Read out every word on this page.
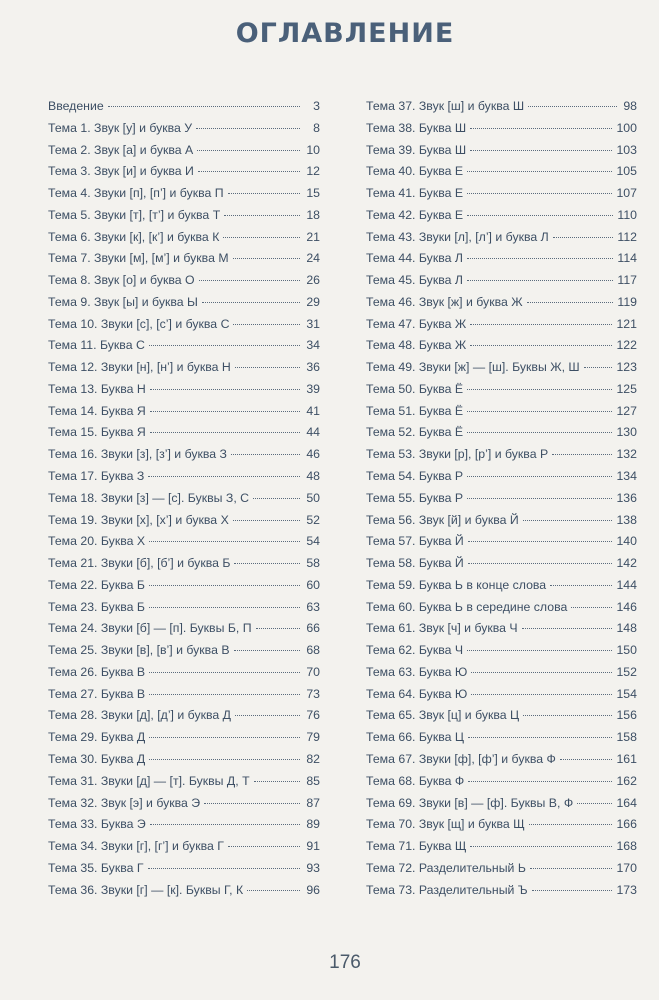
ОГЛАВЛЕНИЕ
Введение	3
Тема 1. Звук [у] и буква У	8
Тема 2. Звук [а] и буква А	10
Тема 3. Звук [и] и буква И	12
Тема 4. Звуки [п], [п’] и буква П	15
Тема 5. Звуки [т], [т’] и буква Т	18
Тема 6. Звуки [к], [к’] и буква К	21
Тема 7. Звуки [м], [м’] и буква М	24
Тема 8. Звук [о] и буква О	26
Тема 9. Звук [ы] и буква Ы	29
Тема 10. Звуки [с], [с’] и буква С	31
Тема 11. Буква С	34
Тема 12. Звуки [н], [н’] и буква Н	36
Тема 13. Буква Н	39
Тема 14. Буква Я	41
Тема 15. Буква Я	44
Тема 16. Звуки [з], [з’] и буква З	46
Тема 17. Буква З	48
Тема 18. Звуки [з] — [с]. Буквы З, С	50
Тема 19. Звуки [х], [х’] и буква Х	52
Тема 20. Буква Х	54
Тема 21. Звуки [б], [б’] и буква Б	58
Тема 22. Буква Б	60
Тема 23. Буква Б	63
Тема 24. Звуки [б] — [п]. Буквы Б, П	66
Тема 25. Звуки [в], [в’] и буква В	68
Тема 26. Буква В	70
Тема 27. Буква В	73
Тема 28. Звуки [д], [д’] и буква Д	76
Тема 29. Буква Д	79
Тема 30. Буква Д	82
Тема 31. Звуки [д] — [т]. Буквы Д, Т	85
Тема 32. Звук [э] и буква Э	87
Тема 33. Буква Э	89
Тема 34. Звуки [г], [г’] и буква Г	91
Тема 35. Буква Г	93
Тема 36. Звуки [г] — [к]. Буквы Г, К	96
Тема 37. Звук [ш] и буква Ш	98
Тема 38. Буква Ш	100
Тема 39. Буква Ш	103
Тема 40. Буква Е	105
Тема 41. Буква Е	107
Тема 42. Буква Е	110
Тема 43. Звуки [л], [л’] и буква Л	112
Тема 44. Буква Л	114
Тема 45. Буква Л	117
Тема 46. Звук [ж] и буква Ж	119
Тема 47. Буква Ж	121
Тема 48. Буква Ж	122
Тема 49. Звуки [ж] — [ш]. Буквы Ж, Ш	123
Тема 50. Буква Ё	125
Тема 51. Буква Ё	127
Тема 52. Буква Ё	130
Тема 53. Звуки [р], [р’] и буква Р	132
Тема 54. Буква Р	134
Тема 55. Буква Р	136
Тема 56. Звук [й] и буква Й	138
Тема 57. Буква Й	140
Тема 58. Буква Й	142
Тема 59. Буква Ь в конце слова	144
Тема 60. Буква Ь в середине слова	146
Тема 61. Звук [ч] и буква Ч	148
Тема 62. Буква Ч	150
Тема 63. Буква Ю	152
Тема 64. Буква Ю	154
Тема 65. Звук [ц] и буква Ц	156
Тема 66. Буква Ц	158
Тема 67. Звуки [ф], [ф’] и буква Ф	161
Тема 68. Буква Ф	162
Тема 69. Звуки [в] — [ф]. Буквы В, Ф	164
Тема 70. Звук [щ] и буква Щ	166
Тема 71. Буква Щ	168
Тема 72. Разделительный Ь	170
Тема 73. Разделительный Ъ	173
176
